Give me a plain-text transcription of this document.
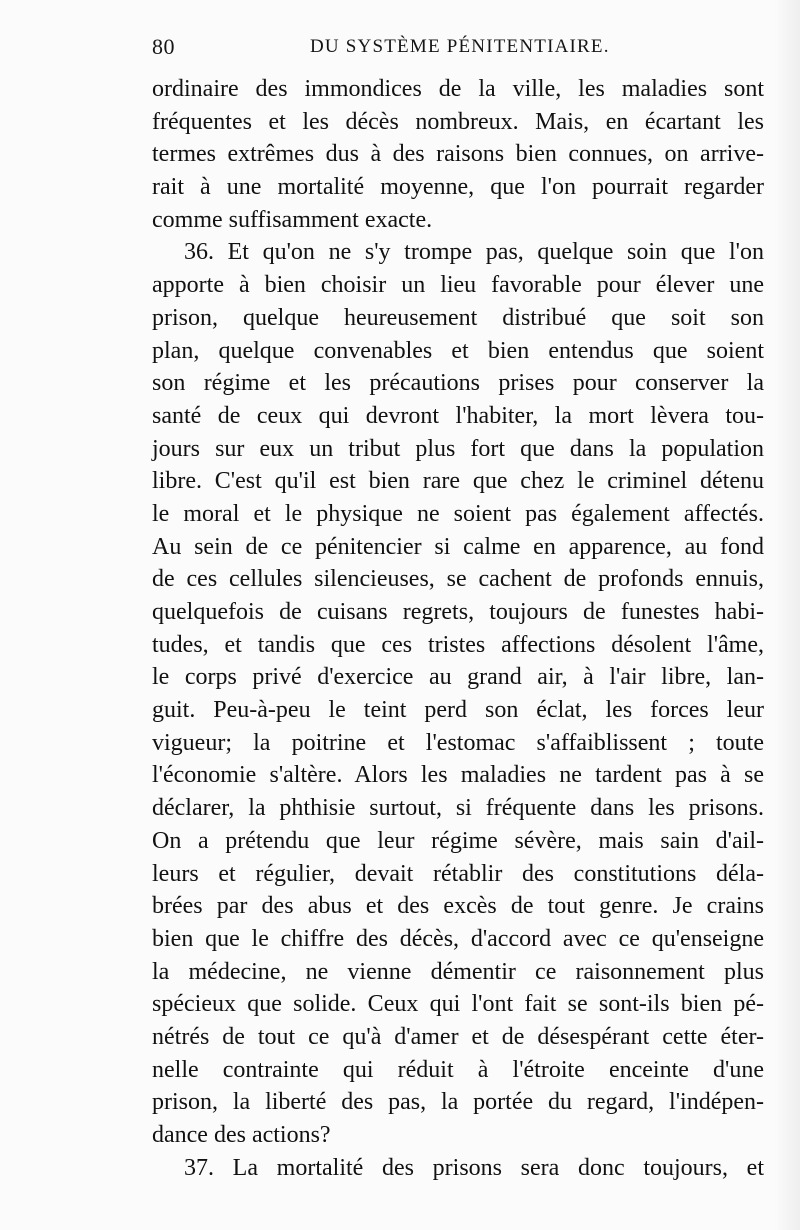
80	DU SYSTÈME PÉNITENTIAIRE.
ordinaire des immondices de la ville, les maladies sont
fréquentes et les décès nombreux. Mais, en écartant les
termes extrêmes dus à des raisons bien connues, on arrive-
rait à une mortalité moyenne, que l'on pourrait regarder
comme suffisamment exacte.
36. Et qu'on ne s'y trompe pas, quelque soin que l'on
apporte à bien choisir un lieu favorable pour élever une
prison, quelque heureusement distribué que soit son
plan, quelque convenables et bien entendus que soient
son régime et les précautions prises pour conserver la
santé de ceux qui devront l'habiter, la mort lèvera tou-
jours sur eux un tribut plus fort que dans la population
libre. C'est qu'il est bien rare que chez le criminel détenu
le moral et le physique ne soient pas également affectés.
Au sein de ce pénitencier si calme en apparence, au fond
de ces cellules silencieuses, se cachent de profonds ennuis,
quelquefois de cuisans regrets, toujours de funestes habi-
tudes, et tandis que ces tristes affections désolent l'âme,
le corps privé d'exercice au grand air, à l'air libre, lan-
guit. Peu-à-peu le teint perd son éclat, les forces leur
vigueur; la poitrine et l'estomac s'affaiblissent ; toute
l'économie s'altère. Alors les maladies ne tardent pas à se
déclarer, la phthisie surtout, si fréquente dans les prisons.
On a prétendu que leur régime sévère, mais sain d'ail-
leurs et régulier, devait rétablir des constitutions déla-
brées par des abus et des excès de tout genre. Je crains
bien que le chiffre des décès, d'accord avec ce qu'enseigne
la médecine, ne vienne démentir ce raisonnement plus
spécieux que solide. Ceux qui l'ont fait se sont-ils bien pé-
nétrés de tout ce qu'à d'amer et de désespérant cette éter-
nelle contrainte qui réduit à l'étroite enceinte d'une
prison, la liberté des pas, la portée du regard, l'indépen-
dance des actions?
37. La mortalité des prisons sera donc toujours, et
